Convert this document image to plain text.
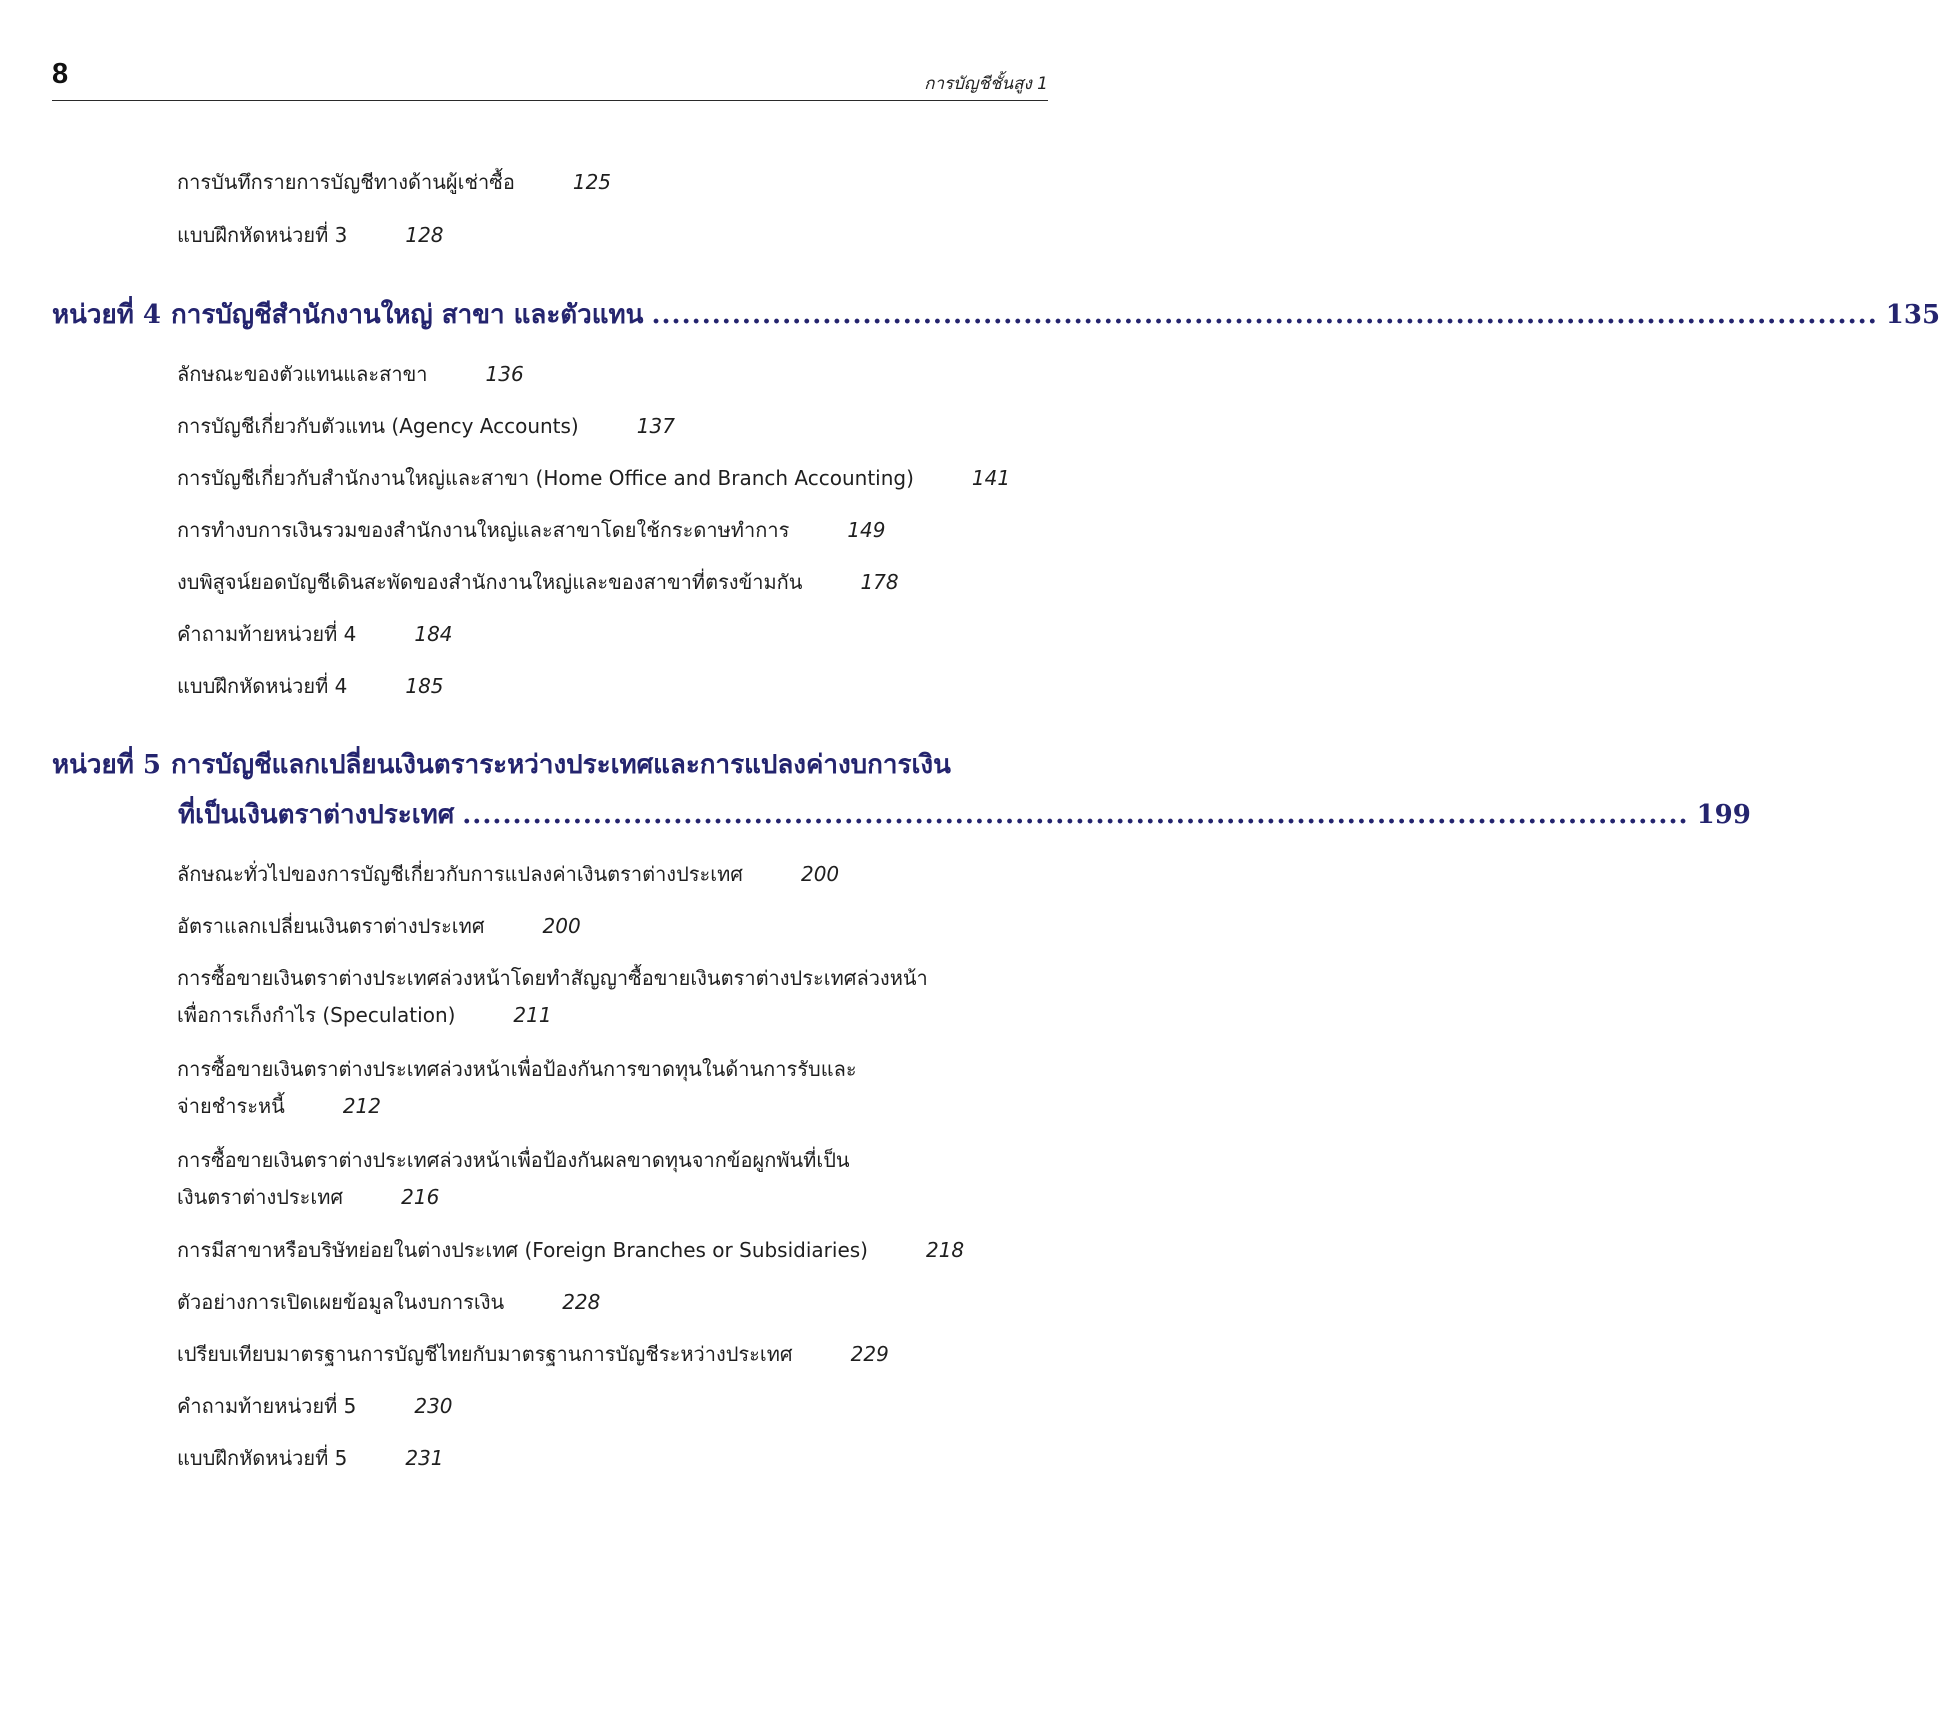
8	การบัญชีชั้นสูง 1
การบันทึกรายการบัญชีทางด้านผู้เช่าซื้อ	125
แบบฝึกหัดหน่วยที่ 3	128
หน่วยที่ 4 การบัญชีสำนักงานใหญ่ สาขา และตัวแทน .......................................................................................................................... 135
ลักษณะของตัวแทนและสาขา	136
การบัญชีเกี่ยวกับตัวแทน (Agency Accounts)	137
การบัญชีเกี่ยวกับสำนักงานใหญ่และสาขา (Home Office and Branch Accounting)	141
การทำงบการเงินรวมของสำนักงานใหญ่และสาขาโดยใช้กระดาษทำการ	149
งบพิสูจน์ยอดบัญชีเดินสะพัดของสำนักงานใหญ่และของสาขาที่ตรงข้ามกัน	178
คำถามท้ายหน่วยที่ 4	184
แบบฝึกหัดหน่วยที่ 4	185
หน่วยที่ 5 การบัญชีแลกเปลี่ยนเงินตราระหว่างประเทศและการแปลงค่างบการเงิน
ที่เป็นเงินตราต่างประเทศ .......................................................................................................................... 199
ลักษณะทั่วไปของการบัญชีเกี่ยวกับการแปลงค่าเงินตราต่างประเทศ	200
อัตราแลกเปลี่ยนเงินตราต่างประเทศ	200
การซื้อขายเงินตราต่างประเทศล่วงหน้าโดยทำสัญญาซื้อขายเงินตราต่างประเทศล่วงหน้า
เพื่อการเก็งกำไร (Speculation)	211
การซื้อขายเงินตราต่างประเทศล่วงหน้าเพื่อป้องกันการขาดทุนในด้านการรับและ
จ่ายชำระหนี้	212
การซื้อขายเงินตราต่างประเทศล่วงหน้าเพื่อป้องกันผลขาดทุนจากข้อผูกพันที่เป็น
เงินตราต่างประเทศ	216
การมีสาขาหรือบริษัทย่อยในต่างประเทศ (Foreign Branches or Subsidiaries)	218
ตัวอย่างการเปิดเผยข้อมูลในงบการเงิน	228
เปรียบเทียบมาตรฐานการบัญชีไทยกับมาตรฐานการบัญชีระหว่างประเทศ	229
คำถามท้ายหน่วยที่ 5	230
แบบฝึกหัดหน่วยที่ 5	231
